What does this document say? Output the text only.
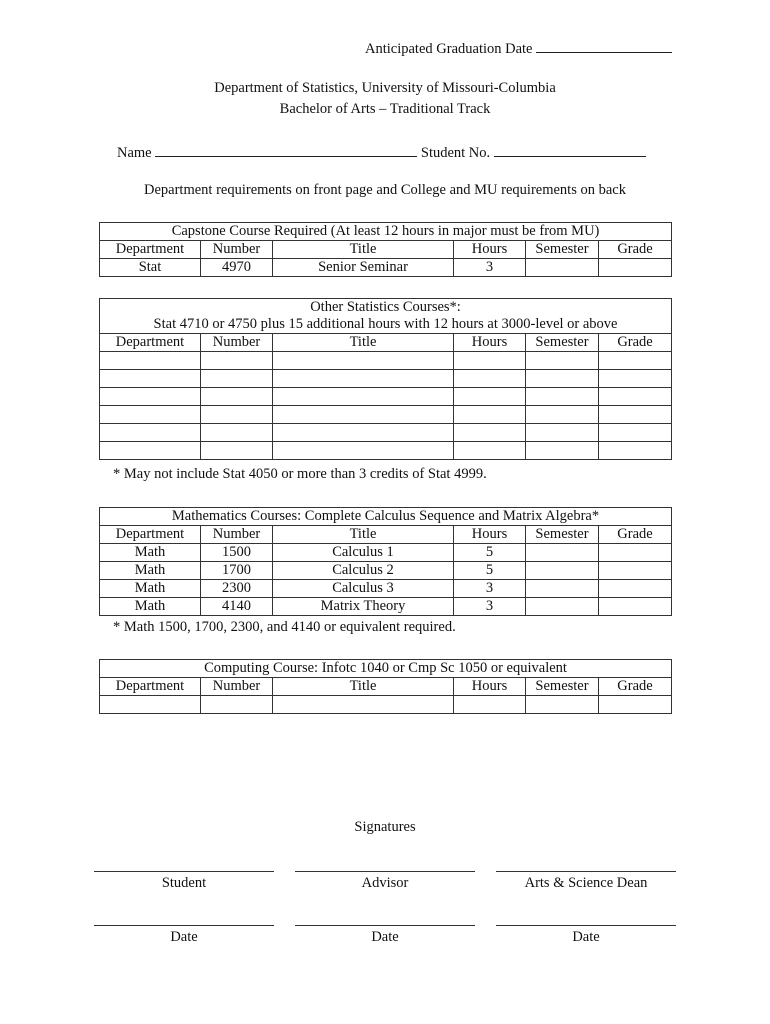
Anticipated Graduation Date
Department of Statistics, University of Missouri-Columbia
Bachelor of Arts – Traditional Track
Name	Student No.
Department requirements on front page and College and MU requirements on back
Capstone Course Required (At least 12 hours in major must be from MU)					
Department	Number	Title	Hours	Semester	Grade
Stat	4970	Senior Seminar	3		
Other Statistics Courses*:					
Stat 4710 or 4750 plus 15 additional hours with 12 hours at 3000-level or above					
Department	Number	Title	Hours	Semester	Grade

* May not include Stat 4050 or more than 3 credits of Stat 4999.
Mathematics Courses: Complete Calculus Sequence and Matrix Algebra*					
Department	Number	Title	Hours	Semester	Grade
Math	1500	Calculus 1	5		
Math	1700	Calculus 2	5		
Math	2300	Calculus 3	3		
Math	4140	Matrix Theory	3		
* Math 1500, 1700, 2300, and 4140 or equivalent required.
Computing Course: Infotc 1040 or Cmp Sc 1050 or equivalent					
Department	Number	Title	Hours	Semester	Grade

Signatures
Student	Advisor	Arts & Science Dean
Date	Date	Date
